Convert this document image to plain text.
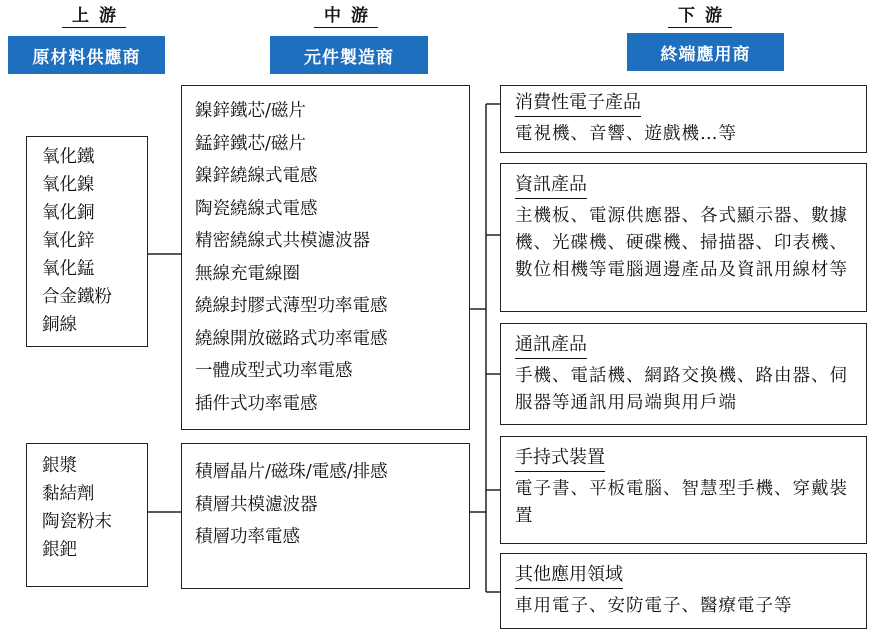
上游	中游	下游
原材料供應商	元件製造商	終端應用商
氧化鐵
氧化鎳
氧化銅
氧化鋅
氧化錳
合金鐵粉
銅線
銀漿
黏結劑
陶瓷粉末
銀鈀
鎳鋅鐵芯/磁片
錳鋅鐵芯/磁片
鎳鋅繞線式電感
陶瓷繞線式電感
精密繞線式共模濾波器
無線充電線圈
繞線封膠式薄型功率電感
繞線開放磁路式功率電感
一體成型式功率電感
插件式功率電感
積層晶片/磁珠/電感/排感
積層共模濾波器
積層功率電感
消費性電子產品
電視機、音響、遊戲機…等
資訊產品
主機板、電源供應器、各式顯示器、數據機、光碟機、硬碟機、掃描器、印表機、數位相機等電腦週邊產品及資訊用線材等
通訊產品
手機、電話機、網路交換機、路由器、伺服器等通訊用局端與用戶端
手持式裝置
電子書、平板電腦、智慧型手機、穿戴裝置
其他應用領域
車用電子、安防電子、醫療電子等
